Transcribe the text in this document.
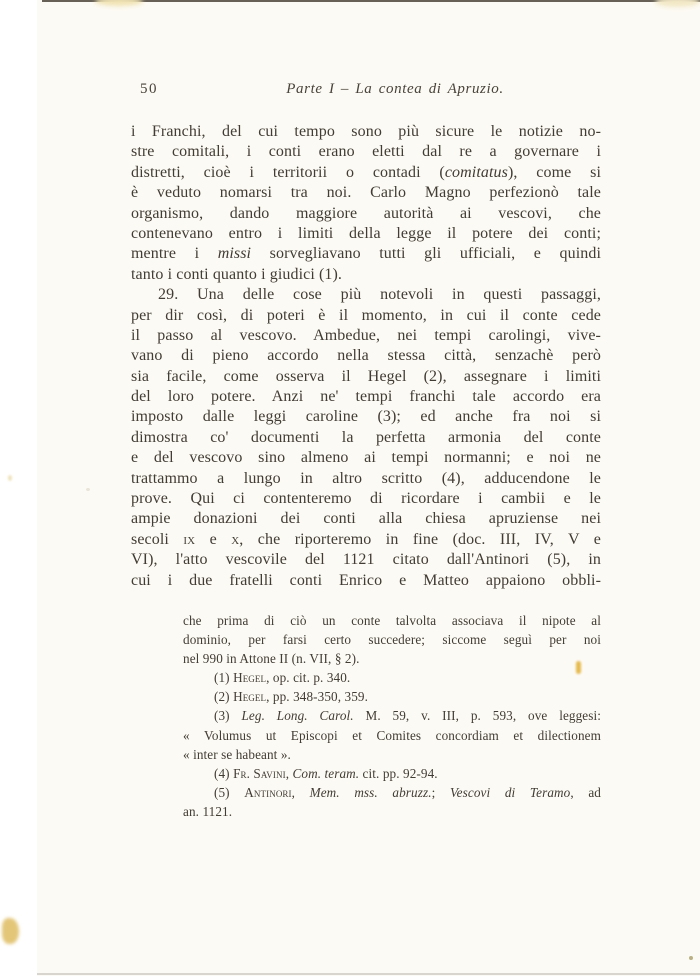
50	Parte I – La contea di Apruzio.
i Franchi, del cui tempo sono più sicure le notizie no-
stre comitali, i conti erano eletti dal re a governare i
distretti, cioè i territorii o contadi (comitatus), come si
è veduto nomarsi tra noi. Carlo Magno perfezionò tale
organismo, dando maggiore autorità ai vescovi, che
contenevano entro i limiti della legge il potere dei conti;
mentre i missi sorvegliavano tutti gli ufficiali, e quindi
tanto i conti quanto i giudici (1).
29. Una delle cose più notevoli in questi passaggi,
per dir così, di poteri è il momento, in cui il conte cede
il passo al vescovo. Ambedue, nei tempi carolingi, vive-
vano di pieno accordo nella stessa città, senzachè però
sia facile, come osserva il Hegel (2), assegnare i limiti
del loro potere. Anzi ne' tempi franchi tale accordo era
imposto dalle leggi caroline (3); ed anche fra noi si
dimostra co' documenti la perfetta armonia del conte
e del vescovo sino almeno ai tempi normanni; e noi ne
trattammo a lungo in altro scritto (4), adducendone le
prove. Qui ci contenteremo di ricordare i cambii e le
ampie donazioni dei conti alla chiesa apruziense nei
secoli ix e x, che riporteremo in fine (doc. III, IV, V e
VI), l'atto vescovile del 1121 citato dall'Antinori (5), in
cui i due fratelli conti Enrico e Matteo appaiono obbli-
che prima di ciò un conte talvolta associava il nipote al
dominio, per farsi certo succedere; siccome seguì per noi
nel 990 in Attone II (n. VII, § 2).
(1) Hegel, op. cit. p. 340.
(2) Hegel, pp. 348-350, 359.
(3) Leg. Long. Carol. M. 59, v. III, p. 593, ove leggesi:
« Volumus ut Episcopi et Comites concordiam et dilectionem
« inter se habeant ».
(4) Fr. Savini, Com. teram. cit. pp. 92-94.
(5) Antinori, Mem. mss. abruzz.; Vescovi di Teramo, ad
an. 1121.
